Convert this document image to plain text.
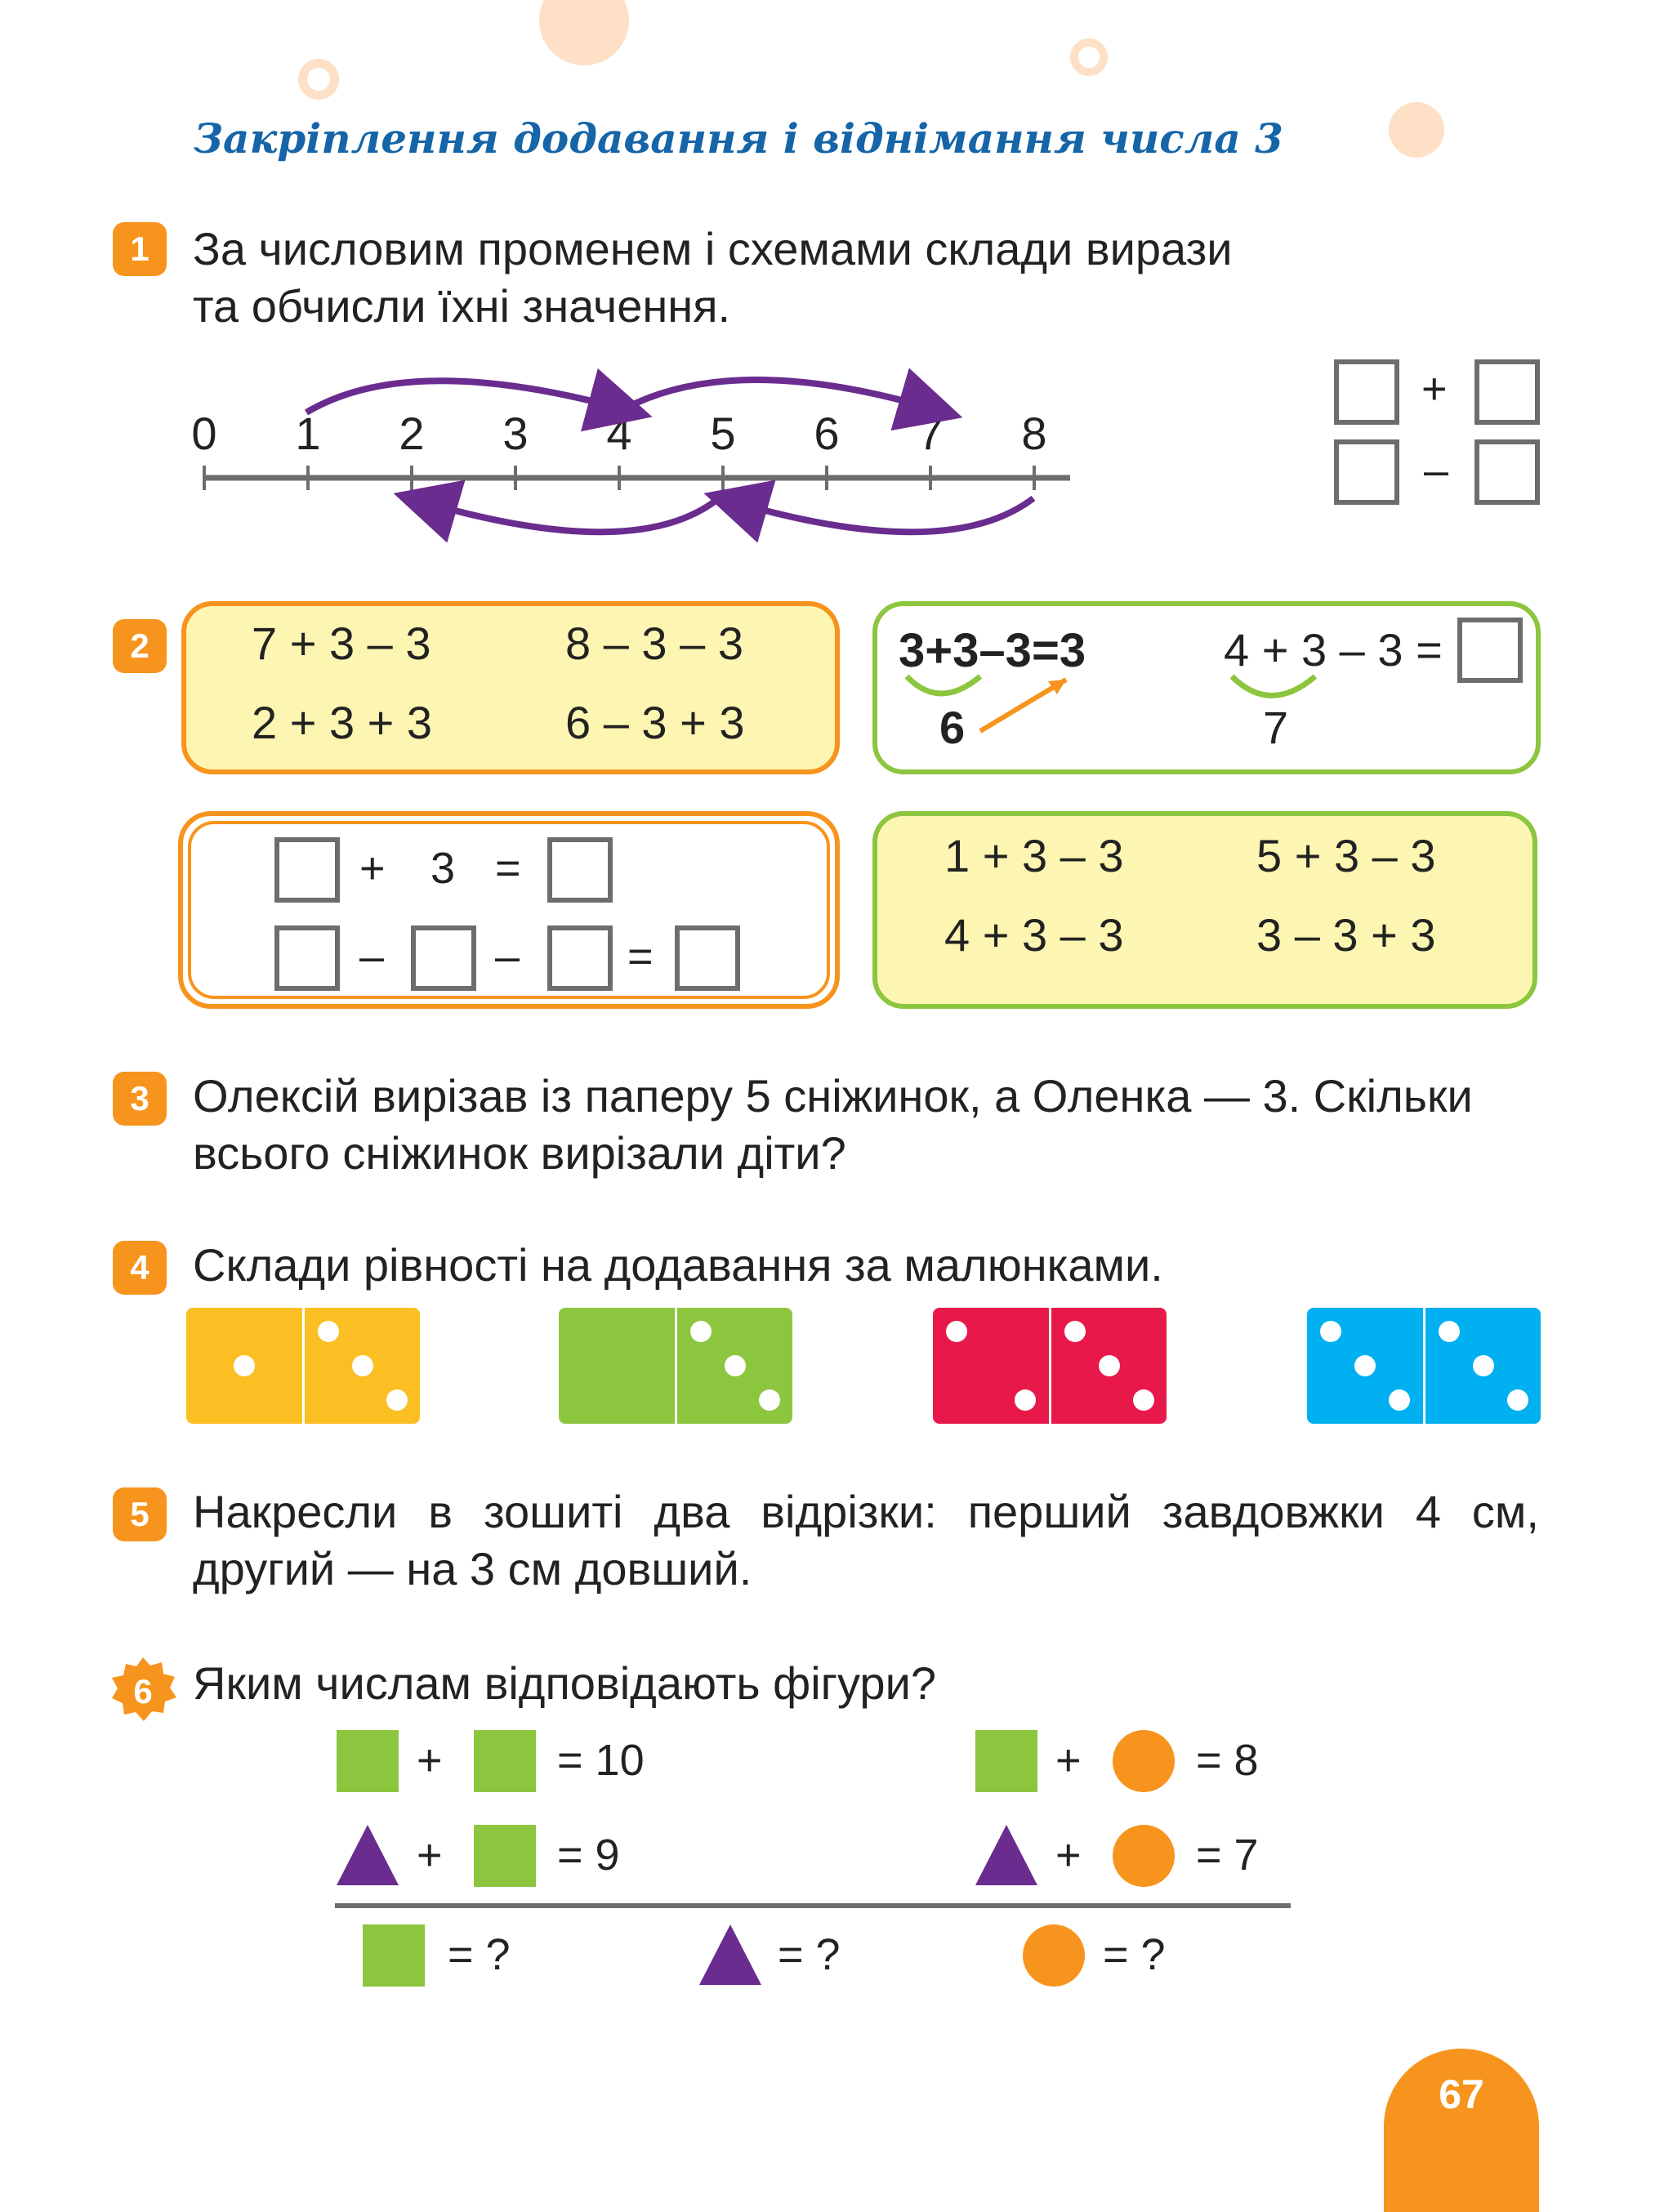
Закріплення додавання і віднімання числа 3
1 За числовим променем і схемами склади вирази
та обчисли їхні значення.
0 1 2 3 4 5 6 7 8
+
–
2	7 + 3 – 3	8 – 3 – 3
2 + 3 + 3	6 – 3 + 3
3+3–3=3
6
4 + 3 – 3 =
7
+ 3 =
–	– =
1 + 3 – 3	5 + 3 – 3
4 + 3 – 3	3 – 3 + 3
3 Олексій вирізав із паперу 5 сніжинок, а Оленка — 3. Скільки
всього сніжинок вирізали діти?
4 Склади рівності на додавання за малюнками.
5 Накресли в зошиті два відрізки: перший завдовжки 4 см,
другий — на 3 см довший.
6 Яким числам відповідають фігури?
+	= 10	+	= 8
+	= 9	+	= 7
= ?	= ?	= ?
67
